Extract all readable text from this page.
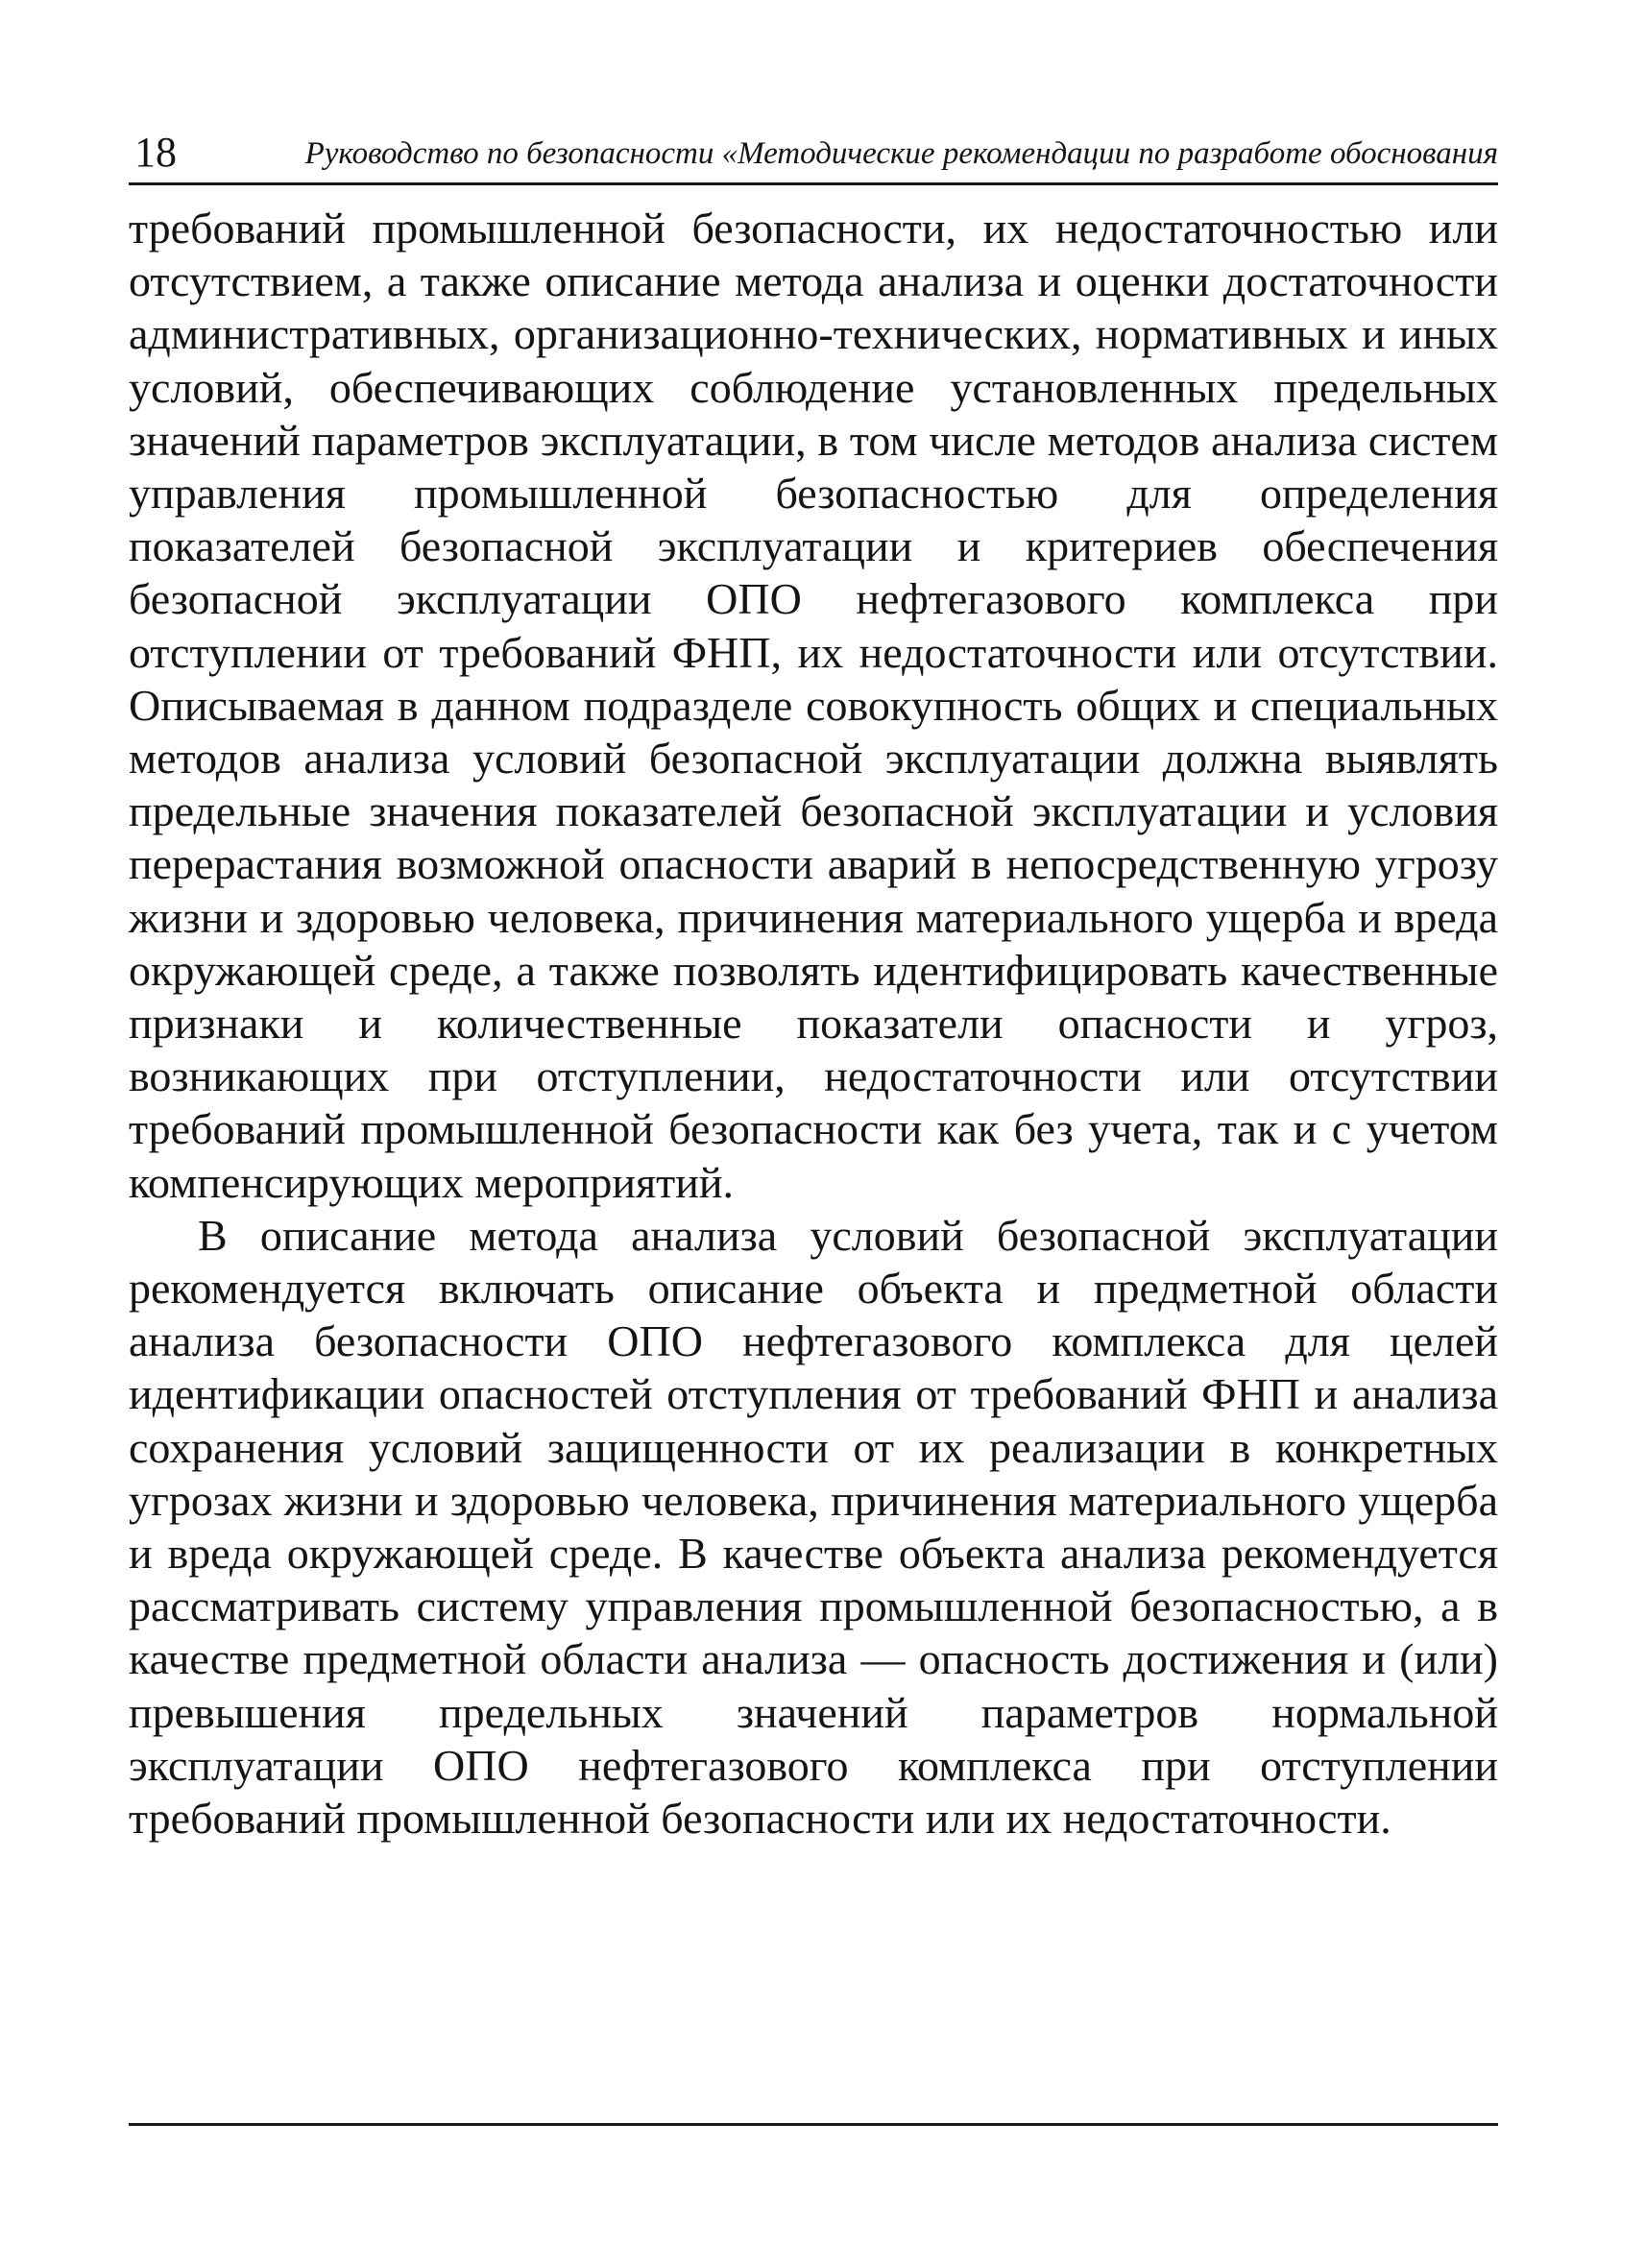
18	Руководство по безопасности «Методические рекомендации по разработе обоснования

требований промышленной безопасности, их недостаточностью или отсутствием, а также описание метода анализа и оценки достаточности административных, организационно-технических, нормативных и иных условий, обеспечивающих соблюдение установленных предельных значений параметров эксплуатации, в том числе методов анализа систем управления промышленной безопасностью для определения показателей безопасной эксплуатации и критериев обеспечения безопасной эксплуатации ОПО нефтегазового комплекса при отступлении от требований ФНП, их недостаточности или отсутствии. Описываемая в данном подразделе совокупность общих и специальных методов анализа условий безопасной эксплуатации должна выявлять предельные значения показателей безопасной эксплуатации и условия перерастания возможной опасности аварий в непосредственную угрозу жизни и здоровью человека, причинения материального ущерба и вреда окружающей среде, а также позволять идентифицировать качественные признаки и количественные показатели опасности и угроз, возникающих при отступлении, недостаточности или отсутствии требований промышленной безопасности как без учета, так и с учетом компенсирующих мероприятий.

В описание метода анализа условий безопасной эксплуатации рекомендуется включать описание объекта и предметной области анализа безопасности ОПО нефтегазового комплекса для целей идентификации опасностей отступления от требований ФНП и анализа сохранения условий защищенности от их реализации в конкретных угрозах жизни и здоровью человека, причинения материального ущерба и вреда окружающей среде. В качестве объекта анализа рекомендуется рассматривать систему управления промышленной безопасностью, а в качестве предметной области анализа — опасность достижения и (или) превышения предельных значений параметров нормальной эксплуатации ОПО нефтегазового комплекса при отступлении требований промышленной безопасности или их недостаточности.
